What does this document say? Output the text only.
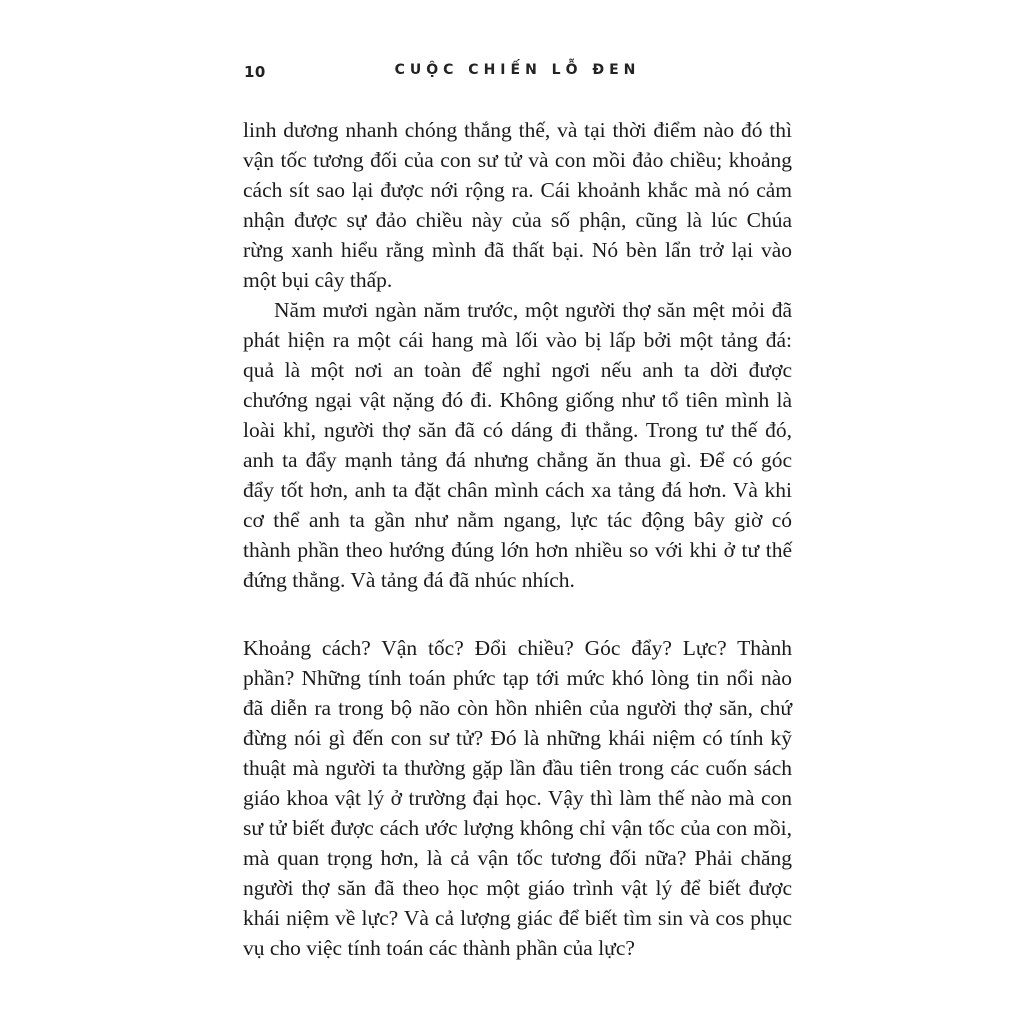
10	CUỘC CHIẾN LỖ ĐEN

linh dương nhanh chóng thắng thế, và tại thời điểm nào đó thì vận tốc tương đối của con sư tử và con mồi đảo chiều; khoảng cách sít sao lại được nới rộng ra. Cái khoảnh khắc mà nó cảm nhận được sự đảo chiều này của số phận, cũng là lúc Chúa rừng xanh hiểu rằng mình đã thất bại. Nó bèn lẩn trở lại vào một bụi cây thấp.

Năm mươi ngàn năm trước, một người thợ săn mệt mỏi đã phát hiện ra một cái hang mà lối vào bị lấp bởi một tảng đá: quả là một nơi an toàn để nghỉ ngơi nếu anh ta dời được chướng ngại vật nặng đó đi. Không giống như tổ tiên mình là loài khỉ, người thợ săn đã có dáng đi thẳng. Trong tư thế đó, anh ta đẩy mạnh tảng đá nhưng chẳng ăn thua gì. Để có góc đẩy tốt hơn, anh ta đặt chân mình cách xa tảng đá hơn. Và khi cơ thể anh ta gần như nằm ngang, lực tác động bây giờ có thành phần theo hướng đúng lớn hơn nhiều so với khi ở tư thế đứng thẳng. Và tảng đá đã nhúc nhích.

Khoảng cách? Vận tốc? Đổi chiều? Góc đẩy? Lực? Thành phần? Những tính toán phức tạp tới mức khó lòng tin nổi nào đã diễn ra trong bộ não còn hồn nhiên của người thợ săn, chứ đừng nói gì đến con sư tử? Đó là những khái niệm có tính kỹ thuật mà người ta thường gặp lần đầu tiên trong các cuốn sách giáo khoa vật lý ở trường đại học. Vậy thì làm thế nào mà con sư tử biết được cách ước lượng không chỉ vận tốc của con mồi, mà quan trọng hơn, là cả vận tốc tương đối nữa? Phải chăng người thợ săn đã theo học một giáo trình vật lý để biết được khái niệm về lực? Và cả lượng giác để biết tìm sin và cos phục vụ cho việc tính toán các thành phần của lực?
